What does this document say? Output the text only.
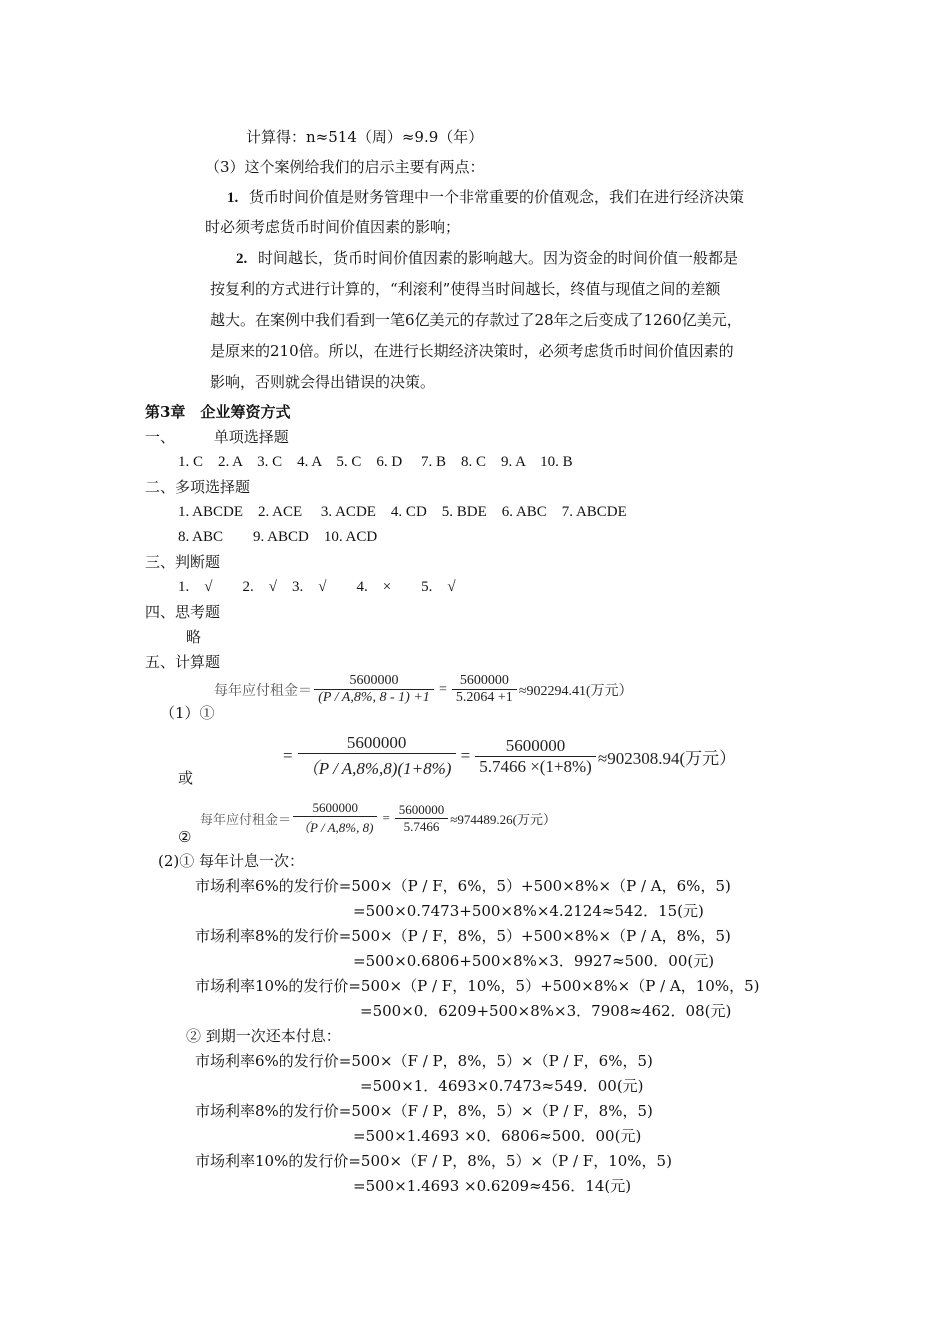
计算得：n≈514（周）≈9.9（年）
（3）这个案例给我们的启示主要有两点：
1. 货币时间价值是财务管理中一个非常重要的价值观念，我们在进行经济决策
时必须考虑货币时间价值因素的影响；
2. 时间越长，货币时间价值因素的影响越大。因为资金的时间价值一般都是
按复利的方式进行计算的，“利滚利”使得当时间越长，终值与现值之间的差额
越大。在案例中我们看到一笔6亿美元的存款过了28年之后变成了1260亿美元，
是原来的210倍。所以，在进行长期经济决策时，必须考虑货币时间价值因素的
影响，否则就会得出错误的决策。
第3章　企业筹资方式
一、	单项选择题
1. C　2. A　3. C　4. A　5. C　6. D　 7. B　8. C　9. A　10. B
二、多项选择题
1. ABCDE　2. ACE　 3. ACDE　4. CD　5. BDE　6. ABC　7. ABCDE
8. ABC　　9. ABCD　10. ACD
三、判断题
1.　√　　2.　√　3.　√　　4.　×　　5.　√
四、思考题
略
五、计算题
每年应付租金＝ $\frac{5600000}{(P / A,8\%, 8 - 1) +1} = \frac{5600000}{5.2064 +1} \approx 902294.41$(万元）
（1）①
= $\frac{5600000}{(P / A,8\%,8)(1+8\%)} = \frac{5600000}{5.7466 \times(1+8\%)} \approx 902308.94$(万元）
或
每年应付租金＝ $\frac{5600000}{(P / A,8\%, 8)} = \frac{5600000}{5.7466} \approx 974489.26$(万元）
②
(2)① 每年计息一次：
市场利率6%的发行价=500×（P / F，6%，5）+500×8%×（P / A，6%，5)
=500×0.7473+500×8%×4.2124≈542．15(元)
市场利率8%的发行价=500×（P / F，8%，5）+500×8%×（P / A，8%，5)
=500×0.6806+500×8%×3．9927≈500．00(元)
市场利率10%的发行价=500×（P / F，10%，5）+500×8%×（P / A，10%，5)
=500×0．6209+500×8%×3．7908≈462．08(元)
② 到期一次还本付息：
市场利率6%的发行价=500×（F / P，8%，5）×（P / F，6%，5)
=500×1．4693×0.7473≈549．00(元)
市场利率8%的发行价=500×（F / P，8%，5）×（P / F，8%，5)
=500×1.4693 ×0．6806≈500．00(元)
市场利率10%的发行价=500×（F / P，8%，5）×（P / F，10%，5)
=500×1.4693 ×0.6209≈456．14(元)
